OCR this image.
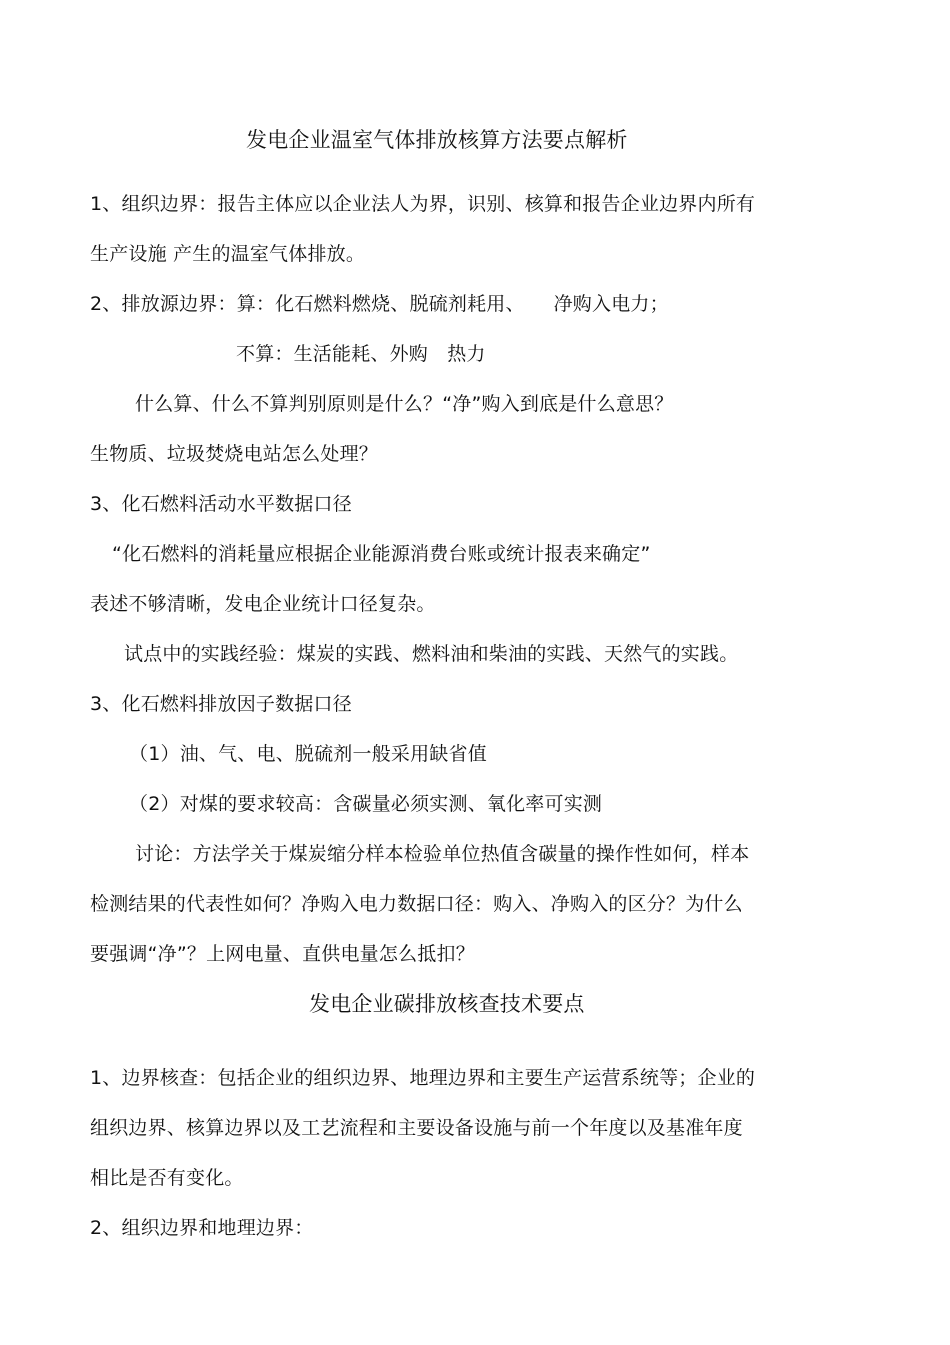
发电企业温室气体排放核算方法要点解析
1、组织边界：报告主体应以企业法人为界，识别、核算和报告企业边界内所有
生产设施 产生的温室气体排放。
2、排放源边界：算：化石燃料燃烧、脱硫剂耗用、　　净购入电力；
不算：生活能耗、外购　热力
什么算、什么不算判别原则是什么？“净”购入到底是什么意思？
生物质、垃圾焚烧电站怎么处理？
3、化石燃料活动水平数据口径
“化石燃料的消耗量应根据企业能源消费台账或统计报表来确定”
表述不够清晰，发电企业统计口径复杂。
试点中的实践经验：煤炭的实践、燃料油和柴油的实践、天然气的实践。
3、化石燃料排放因子数据口径
（1）油、气、电、脱硫剂一般采用缺省值
（2）对煤的要求较高：含碳量必须实测、氧化率可实测
讨论：方法学关于煤炭缩分样本检验单位热值含碳量的操作性如何，样本
检测结果的代表性如何？净购入电力数据口径：购入、净购入的区分？为什么
要强调“净”？上网电量、直供电量怎么抵扣？
发电企业碳排放核查技术要点
1、边界核查：包括企业的组织边界、地理边界和主要生产运营系统等；企业的
组织边界、核算边界以及工艺流程和主要设备设施与前一个年度以及基准年度
相比是否有变化。
2、组织边界和地理边界：
